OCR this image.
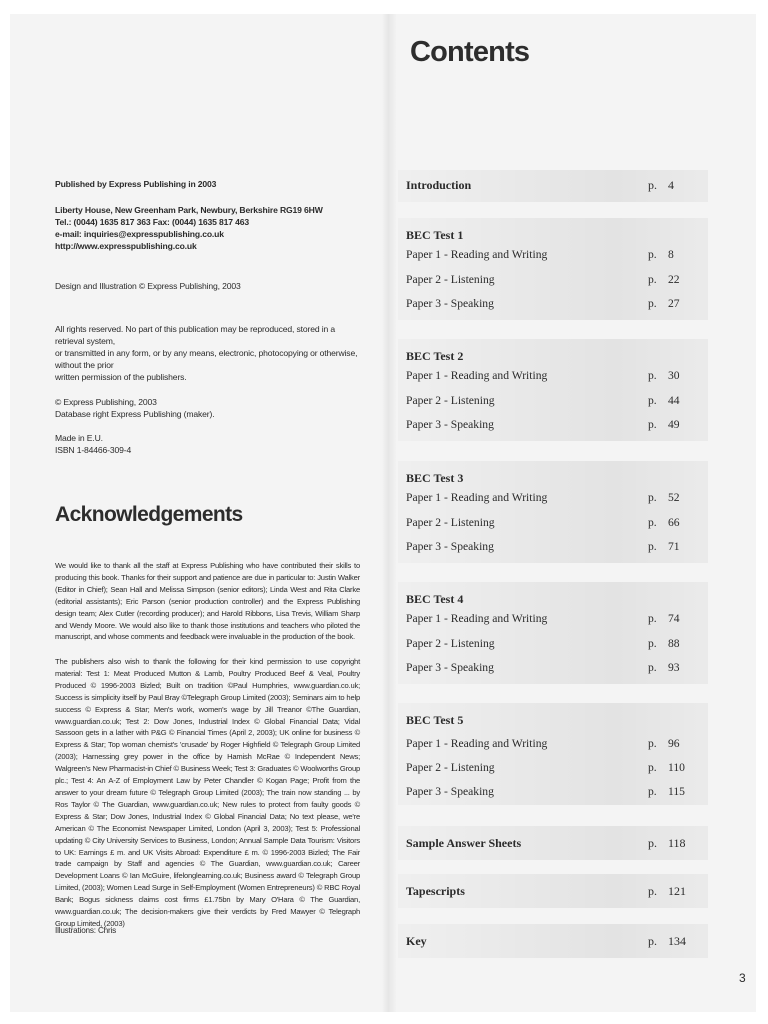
Published by Express Publishing in 2003

Liberty House, New Greenham Park, Newbury, Berkshire RG19 6HW

Tel.: (0044) 1635 817 363 Fax: (0044) 1635 817 463

e-mail: inquiries@expresspublishing.co.uk

http://www.expresspublishing.co.uk

Design and Illustration © Express Publishing, 2003

All rights reserved. No part of this publication may be reproduced, stored in a retrieval system,

or transmitted in any form, or by any means, electronic, photocopying or otherwise, without the prior

written permission of the publishers.

© Express Publishing, 2003

Database right Express Publishing (maker).

Made in E.U.

ISBN 1-84466-309-4

Acknowledgements

We would like to thank all the staff at Express Publishing who have contributed their skills to producing this book. Thanks for their support and patience are due in particular to: Justin Walker (Editor in Chief); Sean Hall and Melissa Simpson (senior editors); Linda West and Rita Clarke (editorial assistants); Eric Parson (senior production controller) and the Express Publishing design team; Alex Cutler (recording producer); and Harold Ribbons, Lisa Trevis, William Sharp and Wendy Moore. We would also like to thank those institutions and teachers who piloted the manuscript, and whose comments and feedback were invaluable in the production of the book.

The publishers also wish to thank the following for their kind permission to use copyright material: Test 1: Meat Produced Mutton & Lamb, Poultry Produced Beef & Veal, Poultry Produced © 1996-2003 Bizled; Built on tradition ©Paul Humphries, www.guardian.co.uk; Success is simplicity itself by Paul Bray ©Telegraph Group Limited (2003); Seminars aim to help success © Express & Star; Men's work, women's wage by Jill Treanor ©The Guardian, www.guardian.co.uk; Test 2: Dow Jones, Industrial Index © Global Financial Data; Vidal Sassoon gets in a lather with P&G © Financial Times (April 2, 2003); UK online for business © Express & Star; Top woman chemist's 'crusade' by Roger Highfield © Telegraph Group Limited (2003); Harnessing grey power in the office by Hamish McRae © Independent News; Walgreen's New Pharmacist-in Chief © Business Week; Test 3: Graduates © Woolworths Group plc.; Test 4: An A-Z of Employment Law by Peter Chandler © Kogan Page; Profit from the answer to your dream future © Telegraph Group Limited (2003); The train now standing ... by Ros Taylor © The Guardian, www.guardian.co.uk; New rules to protect from faulty goods © Express & Star; Dow Jones, Industrial Index © Global Financial Data; No text please, we're American © The Economist Newspaper Limited, London (April 3, 2003); Test 5: Professional updating © City University Services to Business, London; Annual Sample Data Tourism: Visitors to UK: Earnings £ m. and UK Visits Abroad: Expenditure £ m. © 1996-2003 Bizled; The Fair trade campaign by Staff and agencies © The Guardian, www.guardian.co.uk; Career Development Loans © Ian McGuire, lifelonglearning.co.uk; Business award © Telegraph Group Limited, (2003); Women Lead Surge in Self-Employment (Women Entrepreneurs) © RBC Royal Bank; Bogus sickness claims cost firms £1.75bn by Mary O'Hara © The Guardian, www.guardian.co.uk; The decision-makers give their verdicts by Fred Mawyer © Telegraph Group Limited, (2003)

Illustrations: Chris

Contents
Introduction	p. 4
BEC Test 1
Paper 1 - Reading and Writing	p. 8
Paper 2 - Listening	p. 22
Paper 3 - Speaking	p. 27
BEC Test 2
Paper 1 - Reading and Writing	p. 30
Paper 2 - Listening	p. 44
Paper 3 - Speaking	p. 49
BEC Test 3
Paper 1 - Reading and Writing	p. 52
Paper 2 - Listening	p. 66
Paper 3 - Speaking	p. 71
BEC Test 4
Paper 1 - Reading and Writing	p. 74
Paper 2 - Listening	p. 88
Paper 3 - Speaking	p. 93
BEC Test 5
Paper 1 - Reading and Writing	p. 96
Paper 2 - Listening	p. 110
Paper 3 - Speaking	p. 115
Sample Answer Sheets	p. 118
Tapescripts	p. 121
Key	p. 134
3
